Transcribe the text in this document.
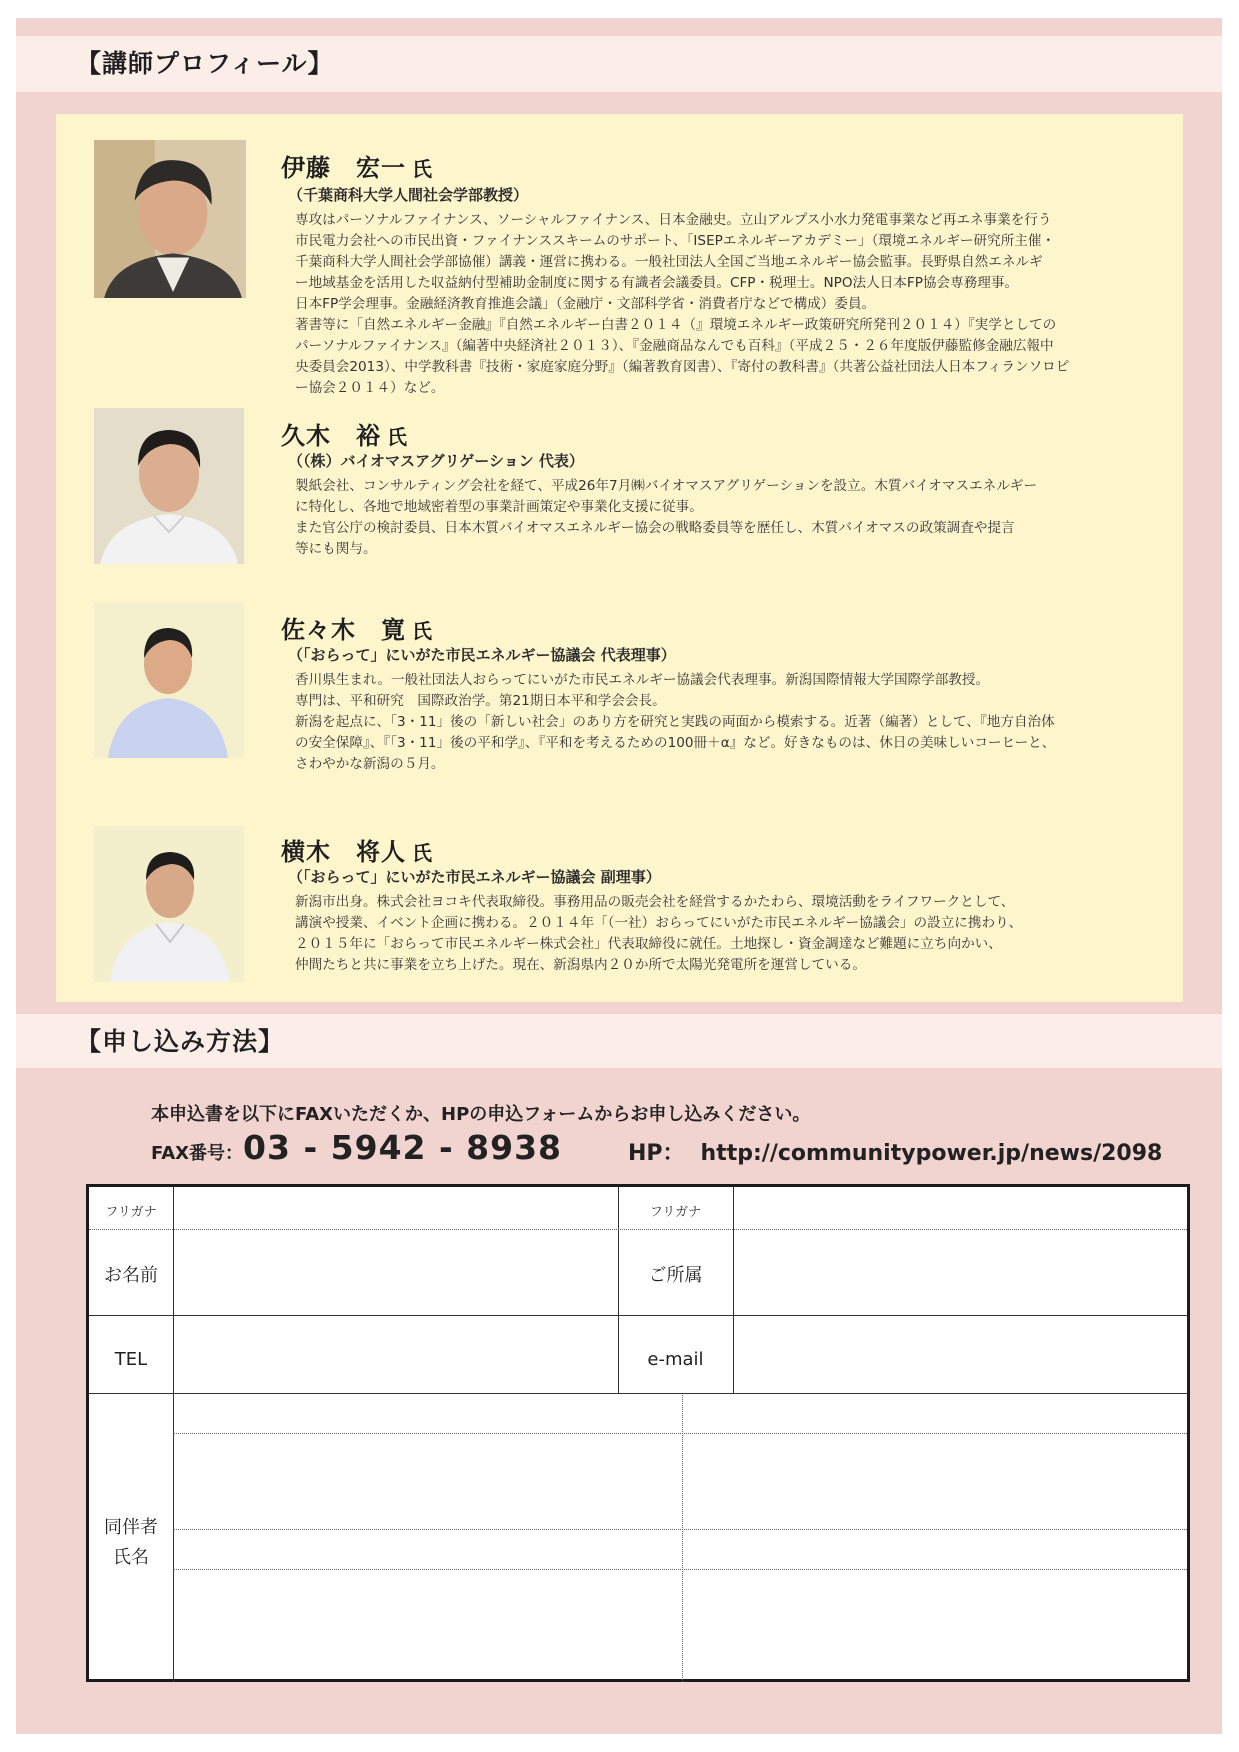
【講師プロフィール】
伊藤　宏一 氏
（千葉商科大学人間社会学部教授）
専攻はパーソナルファイナンス、ソーシャルファイナンス、日本金融史。立山アルプス小水力発電事業など再エネ事業を行う
市民電力会社への市民出資・ファイナンススキームのサポート、「ISEPエネルギーアカデミー」（環境エネルギー研究所主催・
千葉商科大学人間社会学部協催）講義・運営に携わる。一般社団法人全国ご当地エネルギー協会監事。長野県自然エネルギ
ー地域基金を活用した収益納付型補助金制度に関する有識者会議委員。CFP・税理士。NPO法人日本FP協会専務理事。
日本FP学会理事。金融経済教育推進会議」（金融庁・文部科学省・消費者庁などで構成）委員。
著書等に「自然エネルギー金融』『自然エネルギー白書２０１４（』環境エネルギー政策研究所発刊２０１４）『実学としての
パーソナルファイナンス』（編著中央経済社２０１３）、『金融商品なんでも百科』（平成２５・２６年度版伊藤監修金融広報中
央委員会2013）、中学教科書『技術・家庭家庭分野』（編著教育図書）、『寄付の教科書』（共著公益社団法人日本フィランソロピ
ー協会２０１４）など。
久木　裕 氏
（（株）バイオマスアグリゲーション 代表）
製紙会社、コンサルティング会社を経て、平成26年7月㈱バイオマスアグリゲーションを設立。木質バイオマスエネルギー
に特化し、各地で地域密着型の事業計画策定や事業化支援に従事。
また官公庁の検討委員、日本木質バイオマスエネルギー協会の戦略委員等を歴任し、木質バイオマスの政策調査や提言
等にも関与。
佐々木　寛 氏
（「おらって」にいがた市民エネルギー協議会 代表理事）
香川県生まれ。一般社団法人おらってにいがた市民エネルギー協議会代表理事。新潟国際情報大学国際学部教授。
専門は、平和研究　国際政治学。第21期日本平和学会会長。
新潟を起点に、「3・11」後の「新しい社会」のあり方を研究と実践の両面から模索する。近著（編著）として、『地方自治体
の安全保障』、『「3・11」後の平和学』、『平和を考えるための100冊＋α』など。好きなものは、休日の美味しいコーヒーと、
さわやかな新潟の５月。
横木　将人 氏
（「おらって」にいがた市民エネルギー協議会 副理事）
新潟市出身。株式会社ヨコキ代表取締役。事務用品の販売会社を経営するかたわら、環境活動をライフワークとして、
講演や授業、イベント企画に携わる。２０１４年「（一社）おらってにいがた市民エネルギー協議会」の設立に携わり、
２０１５年に「おらって市民エネルギー株式会社」代表取締役に就任。土地探し・資金調達など難題に立ち向かい、
仲間たちと共に事業を立ち上げた。現在、新潟県内２０か所で太陽光発電所を運営している。
【申し込み方法】
本申込書を以下にFAXいただくか、HPの申込フォームからお申し込みください。
FAX番号：03 - 5942 - 8938	HP： http://communitypower.jp/news/2098
フリガナ	フリガナ
お名前	ご所属
TEL	e-mail
同伴者
氏名
